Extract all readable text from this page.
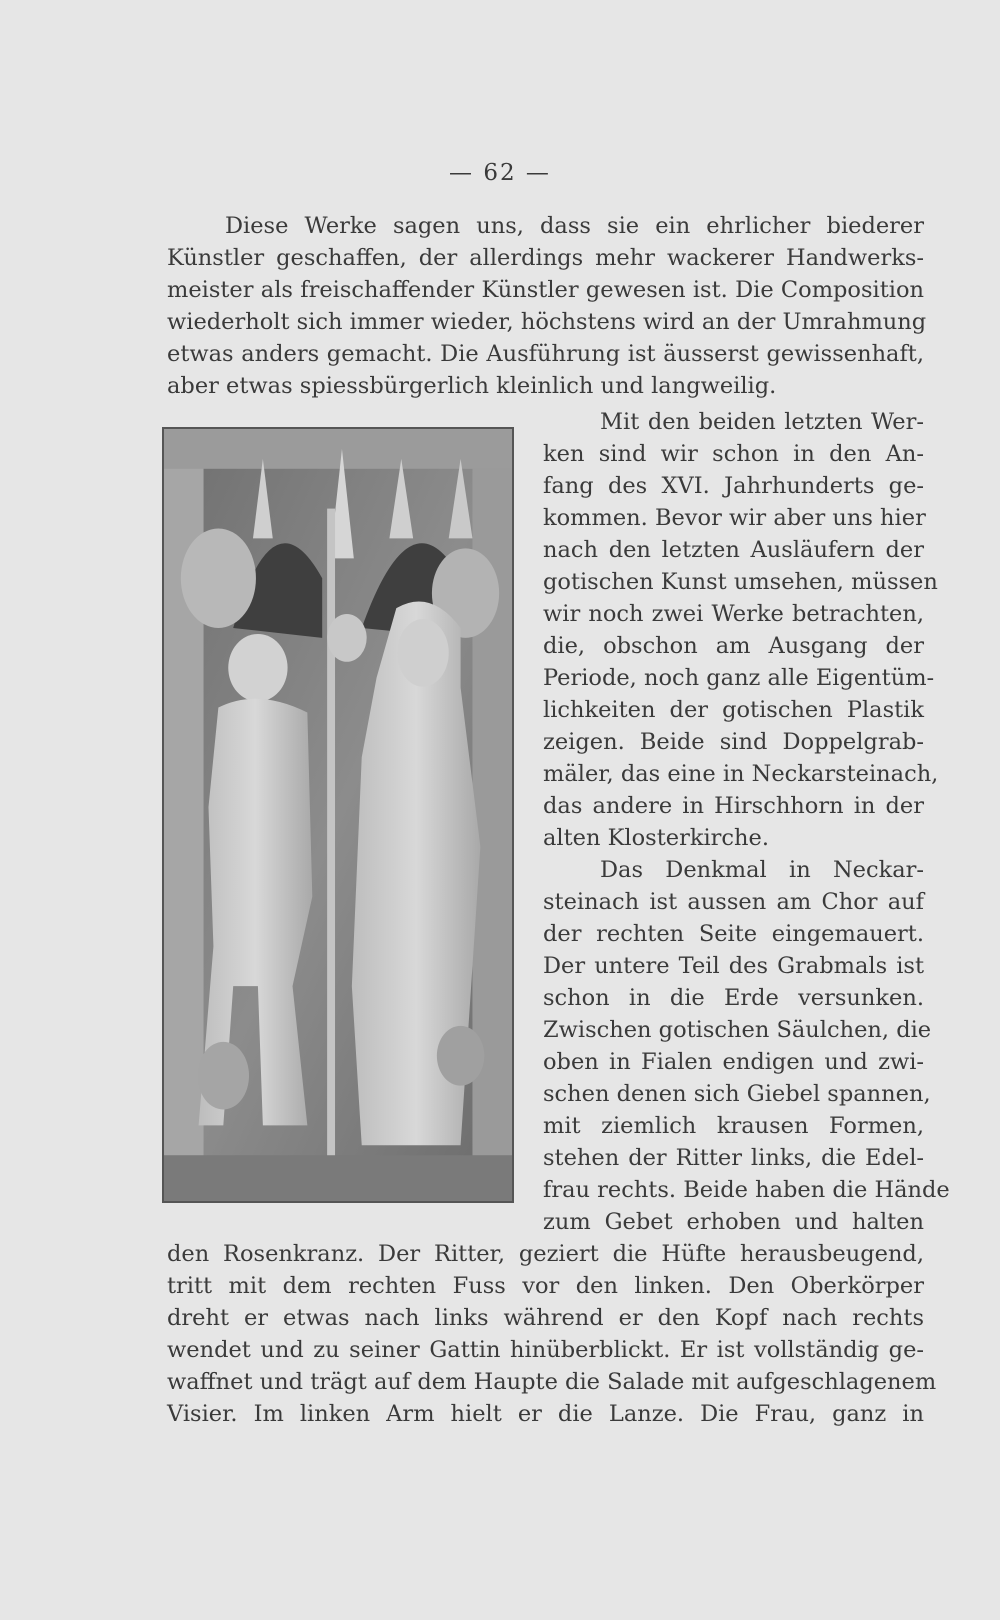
— 62 —
Diese Werke sagen uns, dass sie ein ehrlicher biederer
Künstler geschaffen, der allerdings mehr wackerer Handwerks-
meister als freischaffender Künstler gewesen ist. Die Composition
wiederholt sich immer wieder, höchstens wird an der Umrahmung
etwas anders gemacht. Die Ausführung ist äusserst gewissenhaft,
aber etwas spiessbürgerlich kleinlich und langweilig.
Mit den beiden letzten Wer-
ken sind wir schon in den An-
fang des XVI. Jahrhunderts ge-
kommen. Bevor wir aber uns hier
nach den letzten Ausläufern der
gotischen Kunst umsehen, müssen
wir noch zwei Werke betrachten,
die, obschon am Ausgang der
Periode, noch ganz alle Eigentüm-
lichkeiten der gotischen Plastik
zeigen. Beide sind Doppelgrab-
mäler, das eine in Neckarsteinach,
das andere in Hirschhorn in der
alten Klosterkirche.
Das Denkmal in Neckar-
steinach ist aussen am Chor auf
der rechten Seite eingemauert.
Der untere Teil des Grabmals ist
schon in die Erde versunken.
Zwischen gotischen Säulchen, die
oben in Fialen endigen und zwi-
schen denen sich Giebel spannen,
mit ziemlich krausen Formen,
stehen der Ritter links, die Edel-
frau rechts. Beide haben die Hände
zum Gebet erhoben und halten
den Rosenkranz. Der Ritter, geziert die Hüfte herausbeugend,
tritt mit dem rechten Fuss vor den linken. Den Oberkörper
dreht er etwas nach links während er den Kopf nach rechts
wendet und zu seiner Gattin hinüberblickt. Er ist vollständig ge-
waffnet und trägt auf dem Haupte die Salade mit aufgeschlagenem
Visier. Im linken Arm hielt er die Lanze. Die Frau, ganz in
